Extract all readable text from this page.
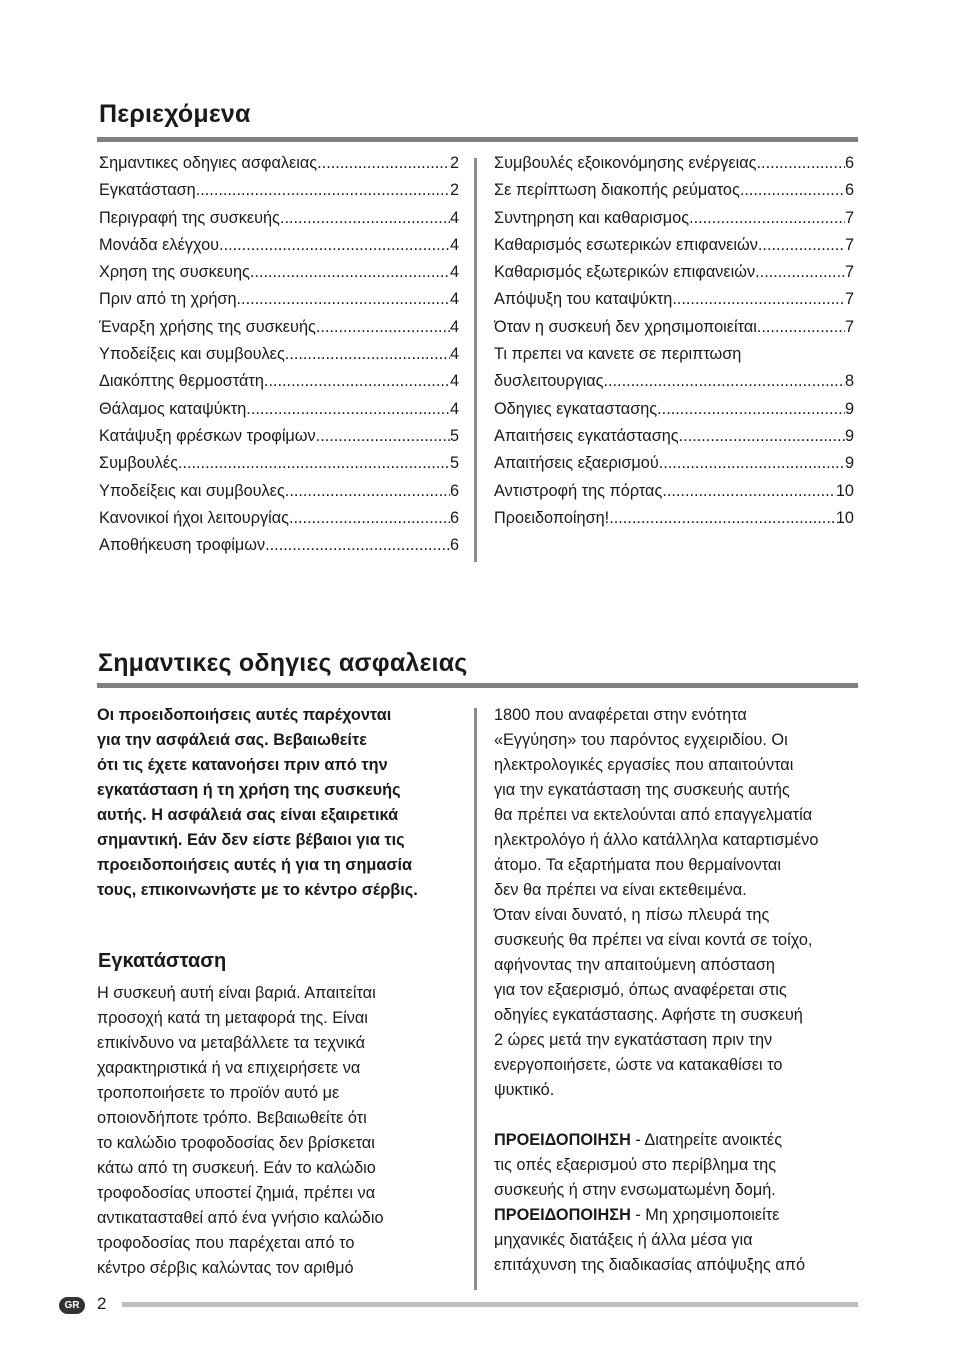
Περιεχόμενα
Σημαντικες οδηγιες ασφαλειας .....	2
Εγκατάσταση .....	2
Περιγραφή της συσκευής .....	4
Μονάδα ελέγχου .....	4
Χρηση της συσκευης .....	4
Πριν από τη χρήση .....	4
Έναρξη χρήσης της συσκευής .....	4
Υποδείξεις και συμβουλες .....	4
Διακόπτης θερμοστάτη .....	4
Θάλαμος καταψύκτη .....	4
Κατάψυξη φρέσκων τροφίμων .....	5
Συμβουλές .....	5
Υποδείξεις και συμβουλες .....	6
Κανονικοί ήχοι λειτουργίας .....	6
Αποθήκευση τροφίμων .....	6
Συμβουλές εξοικονόμησης ενέργειας .....	6
Σε περίπτωση διακοπής ρεύματος .....	6
Συντηρηση και καθαρισμος .....	7
Καθαρισμός εσωτερικών επιφανειών .....	7
Καθαρισμός εξωτερικών επιφανειών .....	7
Απόψυξη του καταψύκτη .....	7
Όταν η συσκευή δεν χρησιμοποιείται .....	7
Τι πρεπει να κανετε σε περιπτωση
δυσλειτουργιας .....	8
Οδηγιες εγκαταστασης .....	9
Απαιτήσεις εγκατάστασης .....	9
Απαιτήσεις εξαερισμού .....	9
Αντιστροφή της πόρτας .....	10
Προειδοποίηση! .....	10
Σημαντικες οδηγιες ασφαλειας

Οι προειδοποιήσεις αυτές παρέχονται

για την ασφάλειά σας. Βεβαιωθείτε

ότι τις έχετε κατανοήσει πριν από την

εγκατάσταση ή τη χρήση της συσκευής

αυτής. Η ασφάλειά σας είναι εξαιρετικά

σημαντική. Εάν δεν είστε βέβαιοι για τις

προειδοποιήσεις αυτές ή για τη σημασία

τους, επικοινωνήστε με το κέντρο σέρβις.

Εγκατάσταση

Η συσκευή αυτή είναι βαριά. Απαιτείται

προσοχή κατά τη μεταφορά της. Είναι

επικίνδυνο να μεταβάλλετε τα τεχνικά

χαρακτηριστικά ή να επιχειρήσετε να

τροποποιήσετε το προϊόν αυτό με

οποιονδήποτε τρόπο. Βεβαιωθείτε ότι

το καλώδιο τροφοδοσίας δεν βρίσκεται

κάτω από τη συσκευή. Εάν το καλώδιο

τροφοδοσίας υποστεί ζημιά, πρέπει να

αντικατασταθεί από ένα γνήσιο καλώδιο

τροφοδοσίας που παρέχεται από το

κέντρο σέρβις καλώντας τον αριθμό

1800 που αναφέρεται στην ενότητα

«Εγγύηση» του παρόντος εγχειριδίου. Οι

ηλεκτρολογικές εργασίες που απαιτούνται

για την εγκατάσταση της συσκευής αυτής

θα πρέπει να εκτελούνται από επαγγελματία

ηλεκτρολόγο ή άλλο κατάλληλα καταρτισμένο

άτομο. Τα εξαρτήματα που θερμαίνονται

δεν θα πρέπει να είναι εκτεθειμένα.

Όταν είναι δυνατό, η πίσω πλευρά της

συσκευής θα πρέπει να είναι κοντά σε τοίχο,

αφήνοντας την απαιτούμενη απόσταση

για τον εξαερισμό, όπως αναφέρεται στις

οδηγίες εγκατάστασης. Αφήστε τη συσκευή

2 ώρες μετά την εγκατάσταση πριν την

ενεργοποιήσετε, ώστε να κατακαθίσει το

ψυκτικό.

ΠΡΟΕΙΔΟΠΟΙΗΣΗ - Διατηρείτε ανοικτές

τις οπές εξαερισμού στο περίβλημα της

συσκευής ή στην ενσωματωμένη δομή.

ΠΡΟΕΙΔΟΠΟΙΗΣΗ - Μη χρησιμοποιείτε

μηχανικές διατάξεις ή άλλα μέσα για

επιτάχυνση της διαδικασίας απόψυξης από

GR	2
